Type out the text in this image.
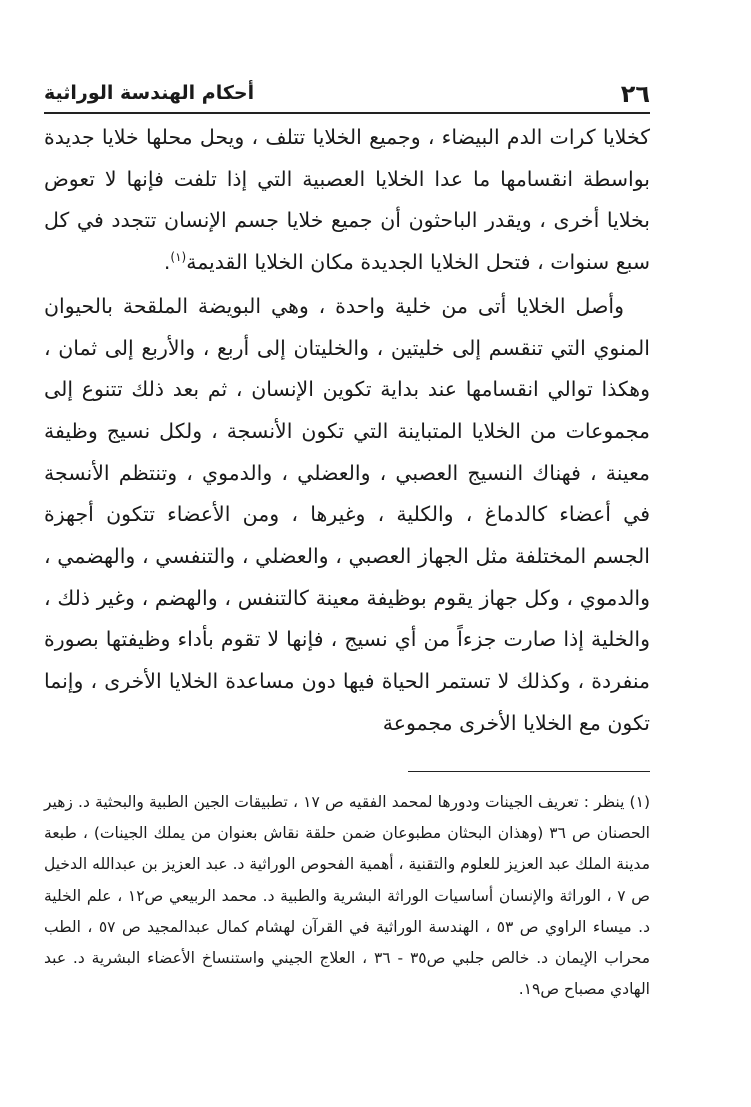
٢٦
أحكام الهندسة الوراثية

كخلايا كرات الدم البيضاء ، وجميع الخلايا تتلف ، ويحل محلها خلايا جديدة بواسطة انقسامها ما عدا الخلايا العصبية التي إذا تلفت فإنها لا تعوض بخلايا أخرى ، ويقدر الباحثون أن جميع خلايا جسم الإنسان تتجدد في كل سبع سنوات ، فتحل الخلايا الجديدة مكان الخلايا القديمة$^{(١)}$.

وأصل الخلايا أتى من خلية واحدة ، وهي البويضة الملقحة بالحيوان المنوي التي تنقسم إلى خليتين ، والخليتان إلى أربع ، والأربع إلى ثمان ، وهكذا توالي انقسامها عند بداية تكوين الإنسان ، ثم بعد ذلك تتنوع إلى مجموعات من الخلايا المتباينة التي تكون الأنسجة ، ولكل نسيج وظيفة معينة ، فهناك النسيج العصبي ، والعضلي ، والدموي ، وتنتظم الأنسجة في أعضاء كالدماغ ، والكلية ، وغيرها ، ومن الأعضاء تتكون أجهزة الجسم المختلفة مثل الجهاز العصبي ، والعضلي ، والتنفسي ، والهضمي ، والدموي ، وكل جهاز يقوم بوظيفة معينة كالتنفس ، والهضم ، وغير ذلك ، والخلية إذا صارت جزءاً من أي نسيج ، فإنها لا تقوم بأداء وظيفتها بصورة منفردة ، وكذلك لا تستمر الحياة فيها دون مساعدة الخلايا الأخرى ، وإنما تكون مع الخلايا الأخرى مجموعة

(١) ينظر : تعريف الجينات ودورها لمحمد الفقيه ص ١٧ ، تطبيقات الجين الطبية والبحثية د. زهير الحصنان ص ٣٦ (وهذان البحثان مطبوعان ضمن حلقة نقاش بعنوان من يملك الجينات) ، طبعة مدينة الملك عبد العزيز للعلوم والتقنية ، أهمية الفحوص الوراثية د. عبد العزيز بن عبدالله الدخيل ص ٧ ، الوراثة والإنسان أساسيات الوراثة البشرية والطبية د. محمد الربيعي ص١٢ ، علم الخلية د. ميساء الراوي ص ٥٣ ، الهندسة الوراثية في القرآن لهشام كمال عبدالمجيد ص ٥٧ ، الطب محراب الإيمان د. خالص جلبي ص٣٥ - ٣٦ ، العلاج الجيني واستنساخ الأعضاء البشرية د. عبد الهادي مصباح ص١٩.
